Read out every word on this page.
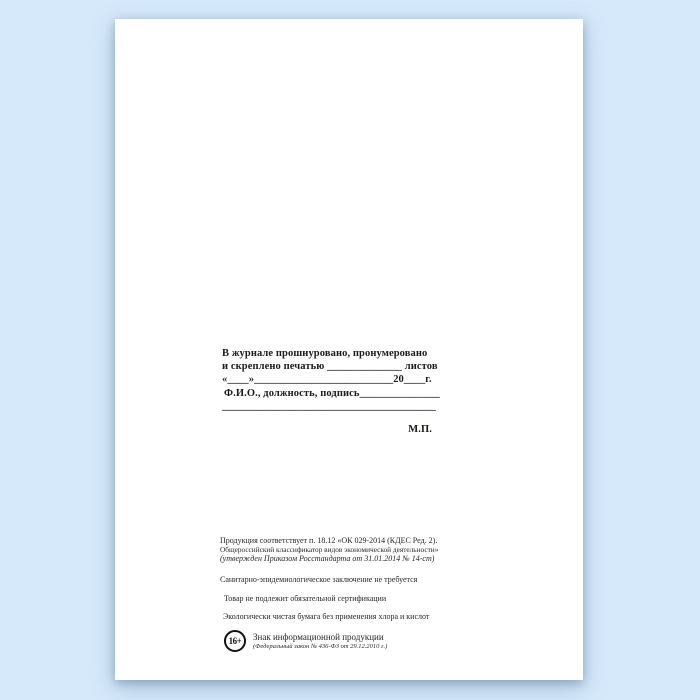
В журнале прошнуровано, пронумеровано
и скреплено печатью ______________ листов
«____»__________________________20____г.
Ф.И.О., должность, подпись_______________
________________________________________
М.П.
Продукция соответствует п. 18.12 «ОК 029-2014 (КДЕС Ред. 2).
Общероссийский классификатор видов экономической деятельности»
(утвержден Приказом Росстандарта от 31.01.2014 № 14-ст)
Санитарно-эпидемиологическое заключение не требуется
Товар не подлежит обязательной сертификации
Экологически чистая бумага без применения хлора и кислот
16+	Знак информационной продукции
(Федеральный закон № 436-ФЗ от 29.12.2010 г.)
